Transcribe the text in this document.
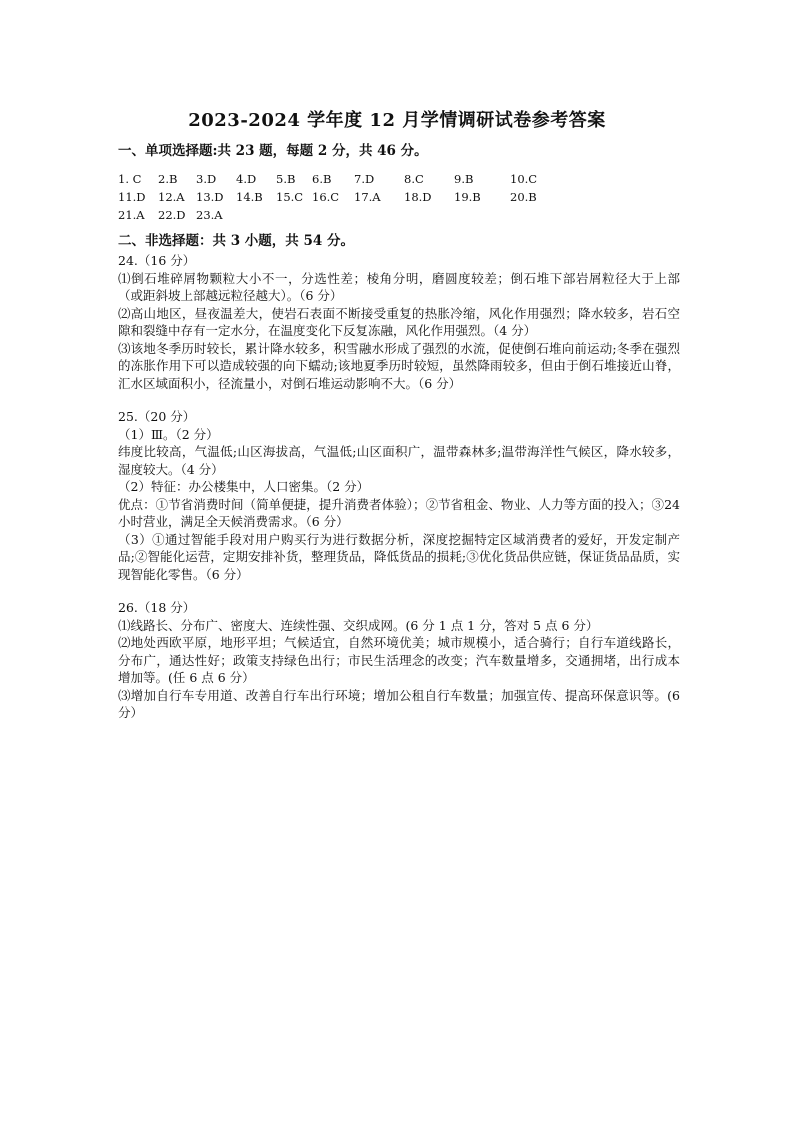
2023-2024 学年度 12 月学情调研试卷参考答案
一、单项选择题:共 23 题，每题 2 分，共 46 分。
1. C	2.B	3.D	4.D	5.B	6.B	7.D	8.C	9.B	10.C
11.D	12.A 13.D	14.B	15.C 16.C	17.A	18.D	19.B	20.B
21.A	22.D 23.A
二、非选择题：共 3 小题，共 54 分。
24.（16 分）
⑴倒石堆碎屑物颗粒大小不一，分选性差；棱角分明，磨圆度较差；倒石堆下部岩屑粒径大于上部（或距斜坡上部越远粒径越大）。（6 分）
⑵高山地区，昼夜温差大，使岩石表面不断接受重复的热胀冷缩，风化作用强烈；降水较多，岩石空隙和裂缝中存有一定水分，在温度变化下反复冻融，风化作用强烈。（4 分）
⑶该地冬季历时较长，累计降水较多，积雪融水形成了强烈的水流，促使倒石堆向前运动;冬季在强烈的冻胀作用下可以造成较强的向下蠕动;该地夏季历时较短，虽然降雨较多，但由于倒石堆接近山脊，汇水区域面积小，径流量小，对倒石堆运动影响不大。（6 分）
25.（20 分）
（1）Ⅲ。（2 分）
纬度比较高，气温低;山区海拔高，气温低;山区面积广，温带森林多;温带海洋性气候区，降水较多，湿度较大。（4 分）
（2）特征：办公楼集中，人口密集。（2 分）
优点：①节省消费时间（简单便捷，提升消费者体验）；②节省租金、物业、人力等方面的投入；③24 小时营业，满足全天候消费需求。（6 分）
（3）①通过智能手段对用户购买行为进行数据分析，深度挖掘特定区域消费者的爱好，开发定制产品;②智能化运营，定期安排补货，整理货品，降低货品的损耗;③优化货品供应链，保证货品品质，实现智能化零售。（6 分）
26.（18 分）
⑴线路长、分布广、密度大、连续性强、交织成网。(6 分 1 点 1 分，答对 5 点 6 分）
⑵地处西欧平原，地形平坦；气候适宜，自然环境优美；城市规模小，适合骑行；自行车道线路长，分布广，通达性好；政策支持绿色出行；市民生活理念的改变；汽车数量增多，交通拥堵，出行成本增加等。(任 6 点 6 分）
⑶增加自行车专用道、改善自行车出行环境；增加公租自行车数量；加强宣传、提高环保意识等。(6 分）
